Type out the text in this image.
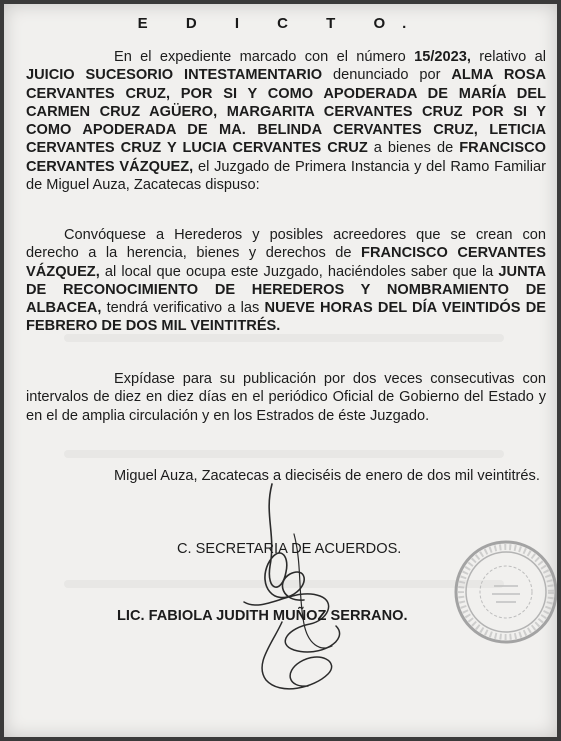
E D I C T O.

En el expediente marcado con el número 15/2023, relativo al JUICIO SUCESORIO INTESTAMENTARIO denunciado por ALMA ROSA CERVANTES CRUZ, POR SI Y COMO APODERADA DE MARÍA DEL CARMEN CRUZ AGÜERO, MARGARITA CERVANTES CRUZ POR SI Y COMO APODERADA DE MA. BELINDA CERVANTES CRUZ, LETICIA CERVANTES CRUZ Y LUCIA CERVANTES CRUZ a bienes de FRANCISCO CERVANTES VÁZQUEZ, el Juzgado de Primera Instancia y del Ramo Familiar de Miguel Auza, Zacatecas dispuso:

Convóquese a Herederos y posibles acreedores que se crean con derecho a la herencia, bienes y derechos de FRANCISCO CERVANTES VÁZQUEZ, al local que ocupa este Juzgado, haciéndoles saber que la JUNTA DE RECONOCIMIENTO DE HEREDEROS Y NOMBRAMIENTO DE ALBACEA, tendrá verificativo a las NUEVE HORAS DEL DÍA VEINTIDÓS DE FEBRERO DE DOS MIL VEINTITRÉS.

Expídase para su publicación por dos veces consecutivas con intervalos de diez en diez días en el periódico Oficial de Gobierno del Estado y en el de amplia circulación y en los Estrados de éste Juzgado.

Miguel Auza, Zacatecas a dieciséis de enero de dos mil veintitrés.

C. SECRETARIA DE ACUERDOS.
LIC. FABIOLA JUDITH MUÑOZ SERRANO.
